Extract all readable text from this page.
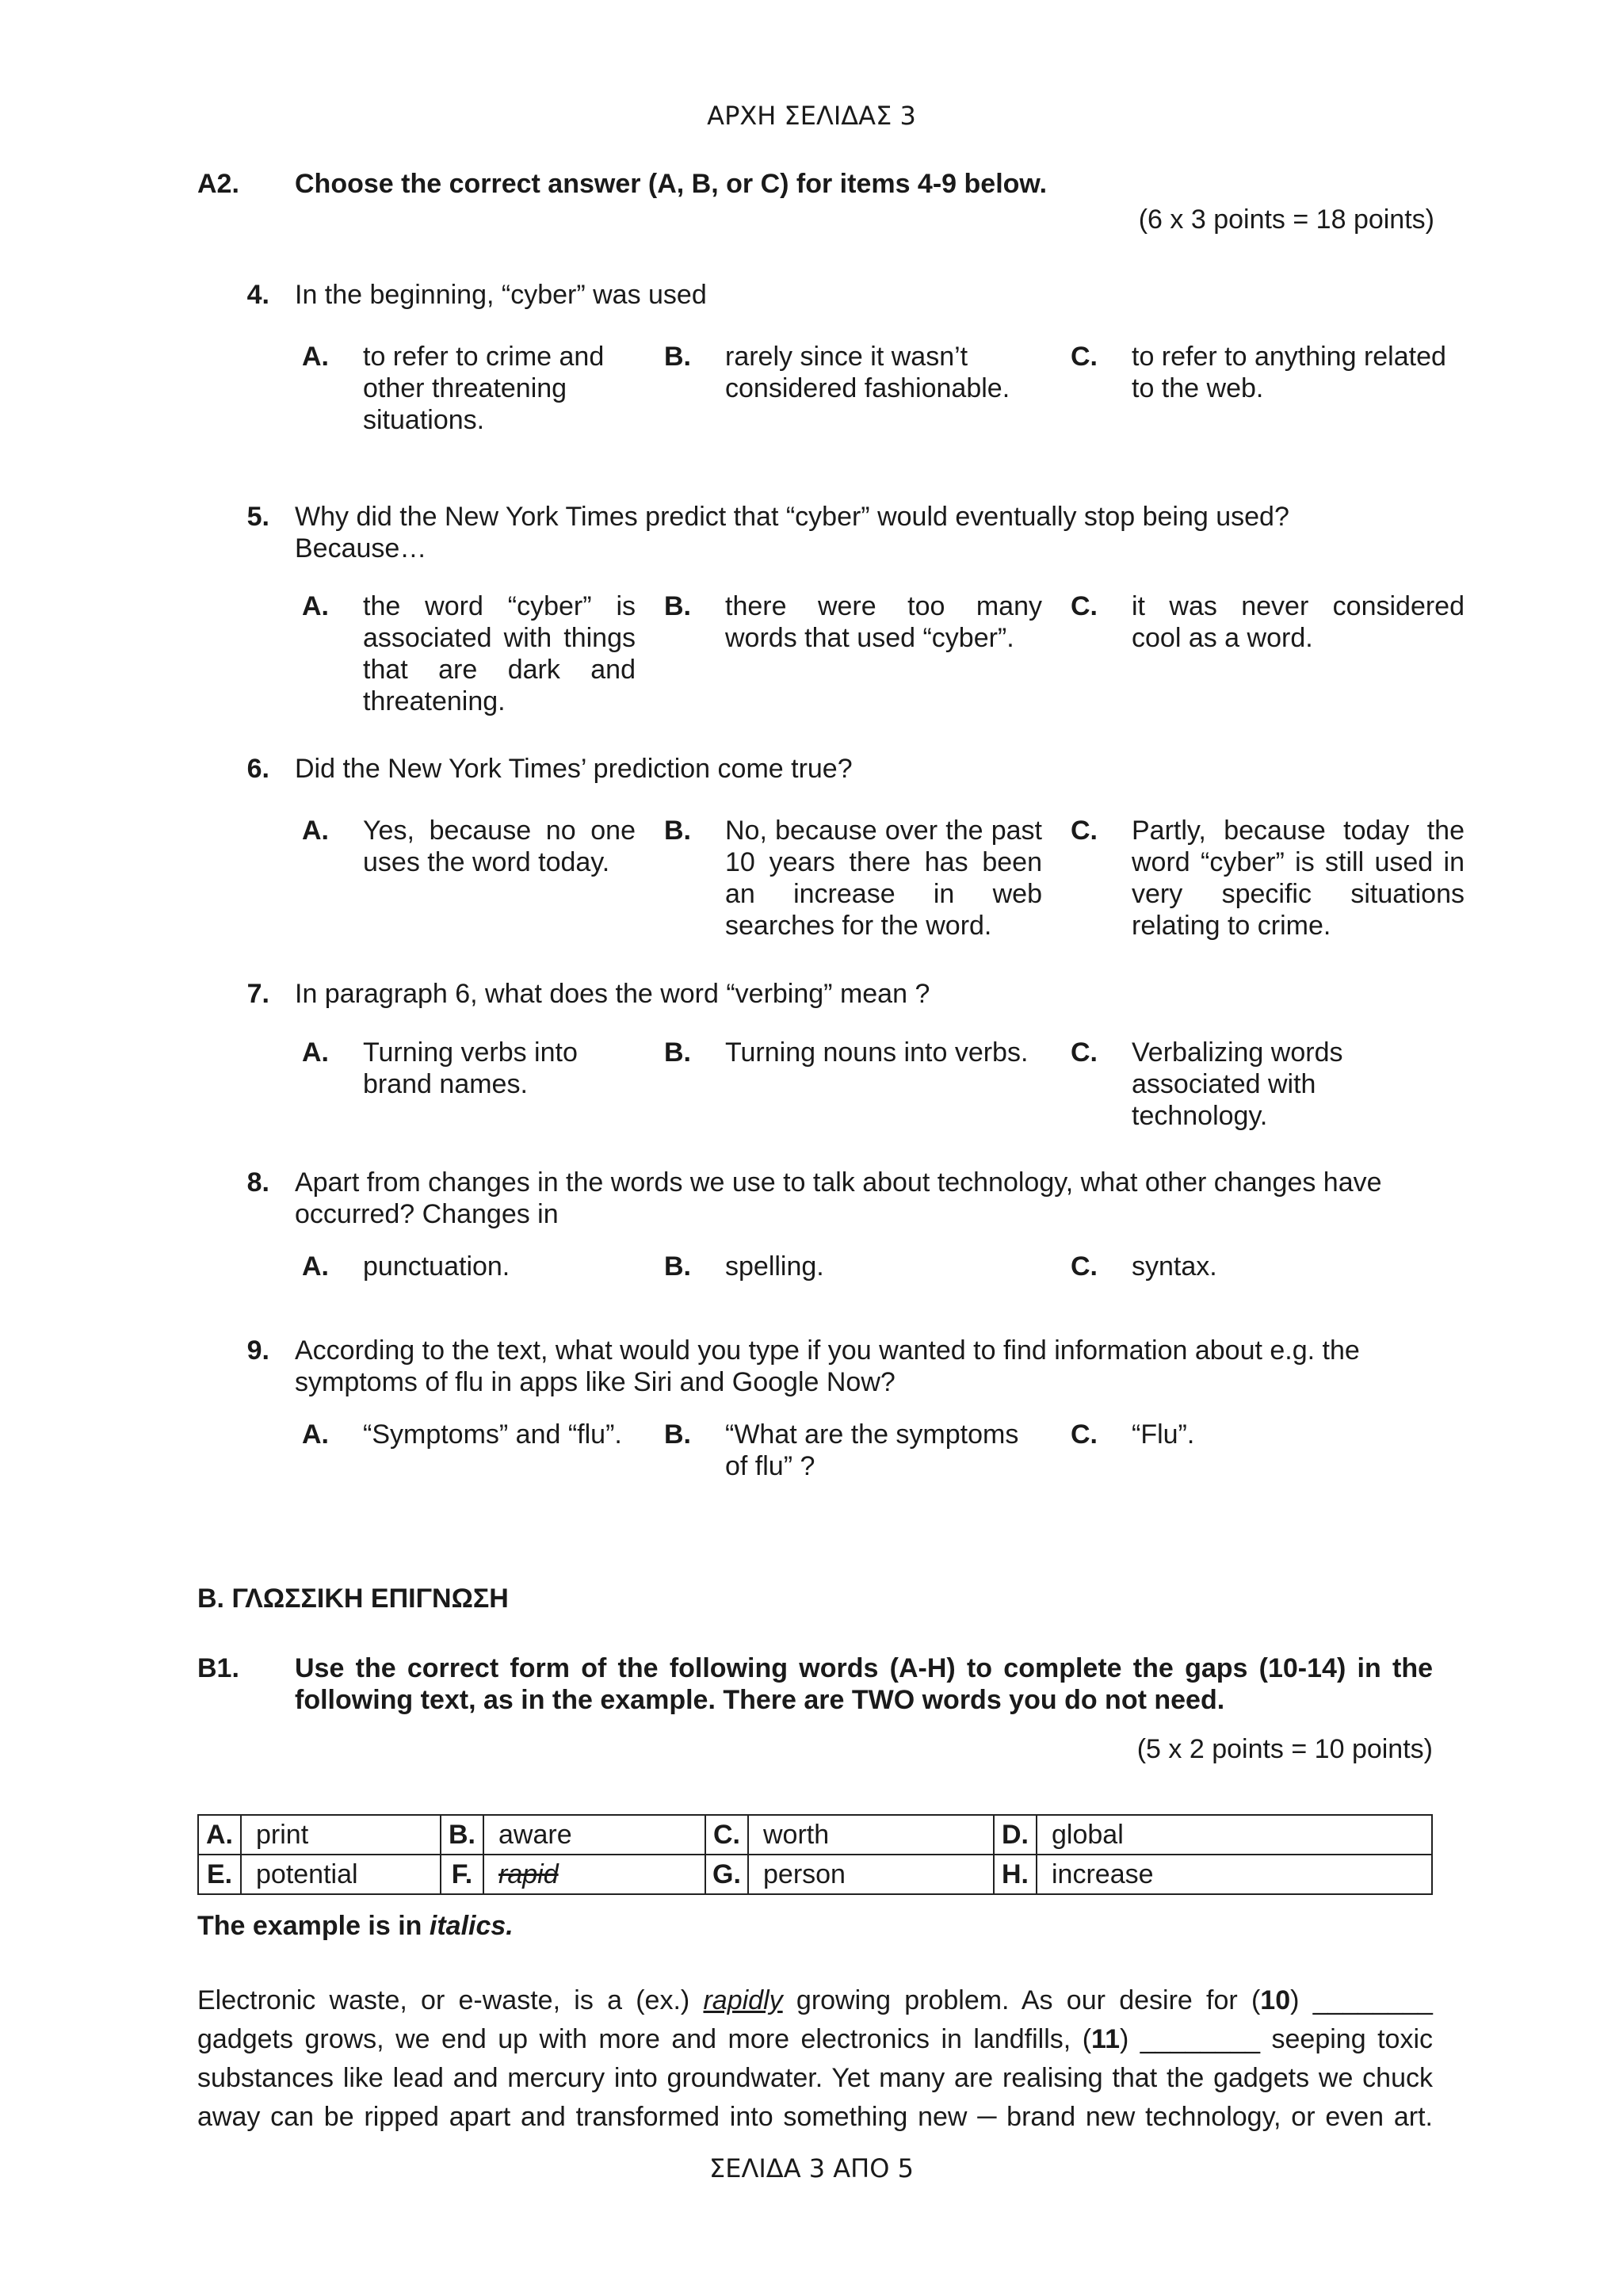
ΑΡΧΗ ΣΕΛΙΔΑΣ 3
A2. Choose the correct answer (A, B, or C) for items 4-9 below.
(6 x 3 points = 18 points)
4. In the beginning, “cyber” was used
A. to refer to crime and other threatening situations.
B. rarely since it wasn’t considered fashionable.
C. to refer to anything related to the web.
5. Why did the New York Times predict that “cyber” would eventually stop being used? Because…
A. the word “cyber” is associated with things that are dark and threatening.
B. there were too many words that used “cyber”.
C. it was never considered cool as a word.
6. Did the New York Times’ prediction come true?
A. Yes, because no one uses the word today.
B. No, because over the past 10 years there has been an increase in web searches for the word.
C. Partly, because today the word “cyber” is still used in very specific situations relating to crime.
7. In paragraph 6, what does the word “verbing” mean ?
A. Turning verbs into brand names.
B. Turning nouns into verbs.	C. Verbalizing words associated with technology.
8. Apart from changes in the words we use to talk about technology, what other changes have occurred? Changes in
A. punctuation.	B. spelling.	C. syntax.
9. According to the text, what would you type if you wanted to find information about e.g. the symptoms of flu in apps like Siri and Google Now?
A. “Symptoms” and “flu”.	B. “What are the symptoms of flu” ?
C. “Flu”.
Β. ΓΛΩΣΣΙΚΗ ΕΠΙΓΝΩΣΗ
B1. Use the correct form of the following words (A-H) to complete the gaps (10-14) in the following text, as in the example. There are TWO words you do not need.
(5 x 2 points = 10 points)
A.	print	B.	aware	C.	worth	D.	global
E.	potential	F.	rapid	G.	person	H.	increase
The example is in italics.
Electronic waste, or e-waste, is a (ex.) rapidly growing problem. As our desire for (10) ________ gadgets grows, we end up with more and more electronics in landfills, (11) ________ seeping toxic substances like lead and mercury into groundwater. Yet many are realising that the gadgets we chuck away can be ripped apart and transformed into something new ─ brand new technology, or even art.
ΣΕΛΙΔΑ 3 ΑΠΟ 5
